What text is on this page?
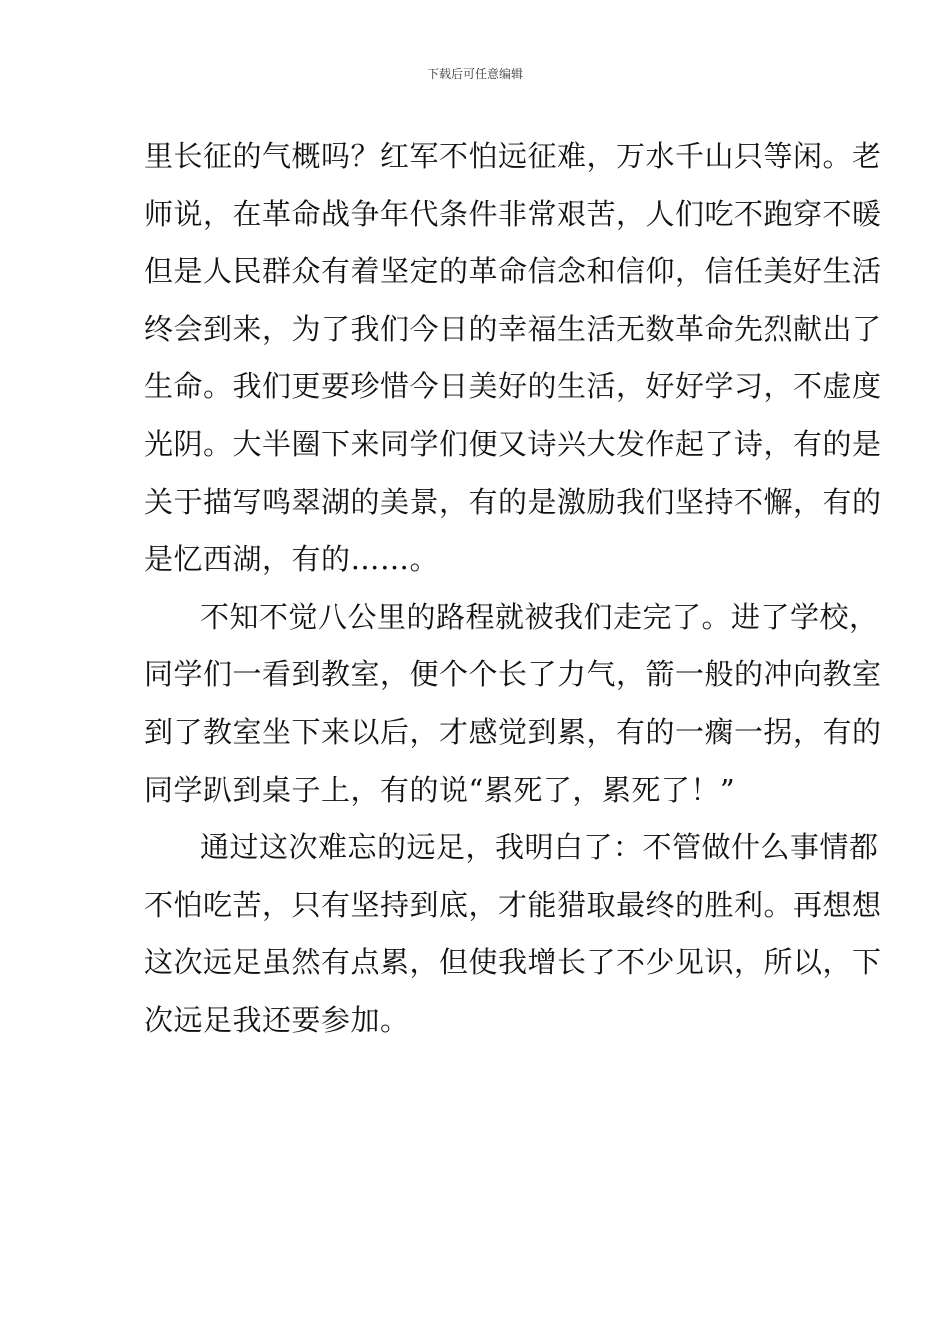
下载后可任意编辑
里长征的气概吗？红军不怕远征难，万水千山只等闲。老
师说，在革命战争年代条件非常艰苦，人们吃不跑穿不暖
但是人民群众有着坚定的革命信念和信仰，信任美好生活
终会到来，为了我们今日的幸福生活无数革命先烈献出了
生命。我们更要珍惜今日美好的生活，好好学习，不虚度
光阴。大半圈下来同学们便又诗兴大发作起了诗，有的是
关于描写鸣翠湖的美景，有的是激励我们坚持不懈，有的
是忆西湖，有的……。
不知不觉八公里的路程就被我们走完了。进了学校，
同学们一看到教室，便个个长了力气，箭一般的冲向教室
到了教室坐下来以后，才感觉到累，有的一瘸一拐，有的
同学趴到桌子上，有的说“累死了，累死了！”
通过这次难忘的远足，我明白了：不管做什么事情都
不怕吃苦，只有坚持到底，才能猎取最终的胜利。再想想
这次远足虽然有点累，但使我增长了不少见识，所以，下
次远足我还要参加。
